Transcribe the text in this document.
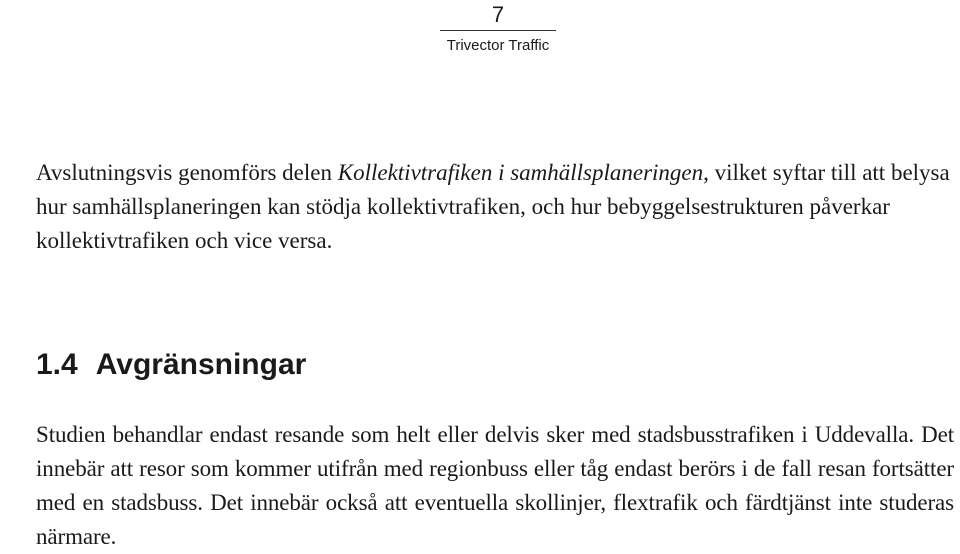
7
Trivector Traffic

Avslutningsvis genomförs delen Kollektivtrafiken i samhällsplaneringen, vilket syftar till att belysa hur samhällsplaneringen kan stödja kollektivtrafiken, och hur bebyggelsestrukturen påverkar kollektivtrafiken och vice versa.

1.4 Avgränsningar

Studien behandlar endast resande som helt eller delvis sker med stadsbusstrafiken i Uddevalla. Det innebär att resor som kommer utifrån med regionbuss eller tåg endast berörs i de fall resan fortsätter med en stadsbuss. Det innebär också att eventuella skollinjer, flextrafik och färdtjänst inte studeras närmare.
